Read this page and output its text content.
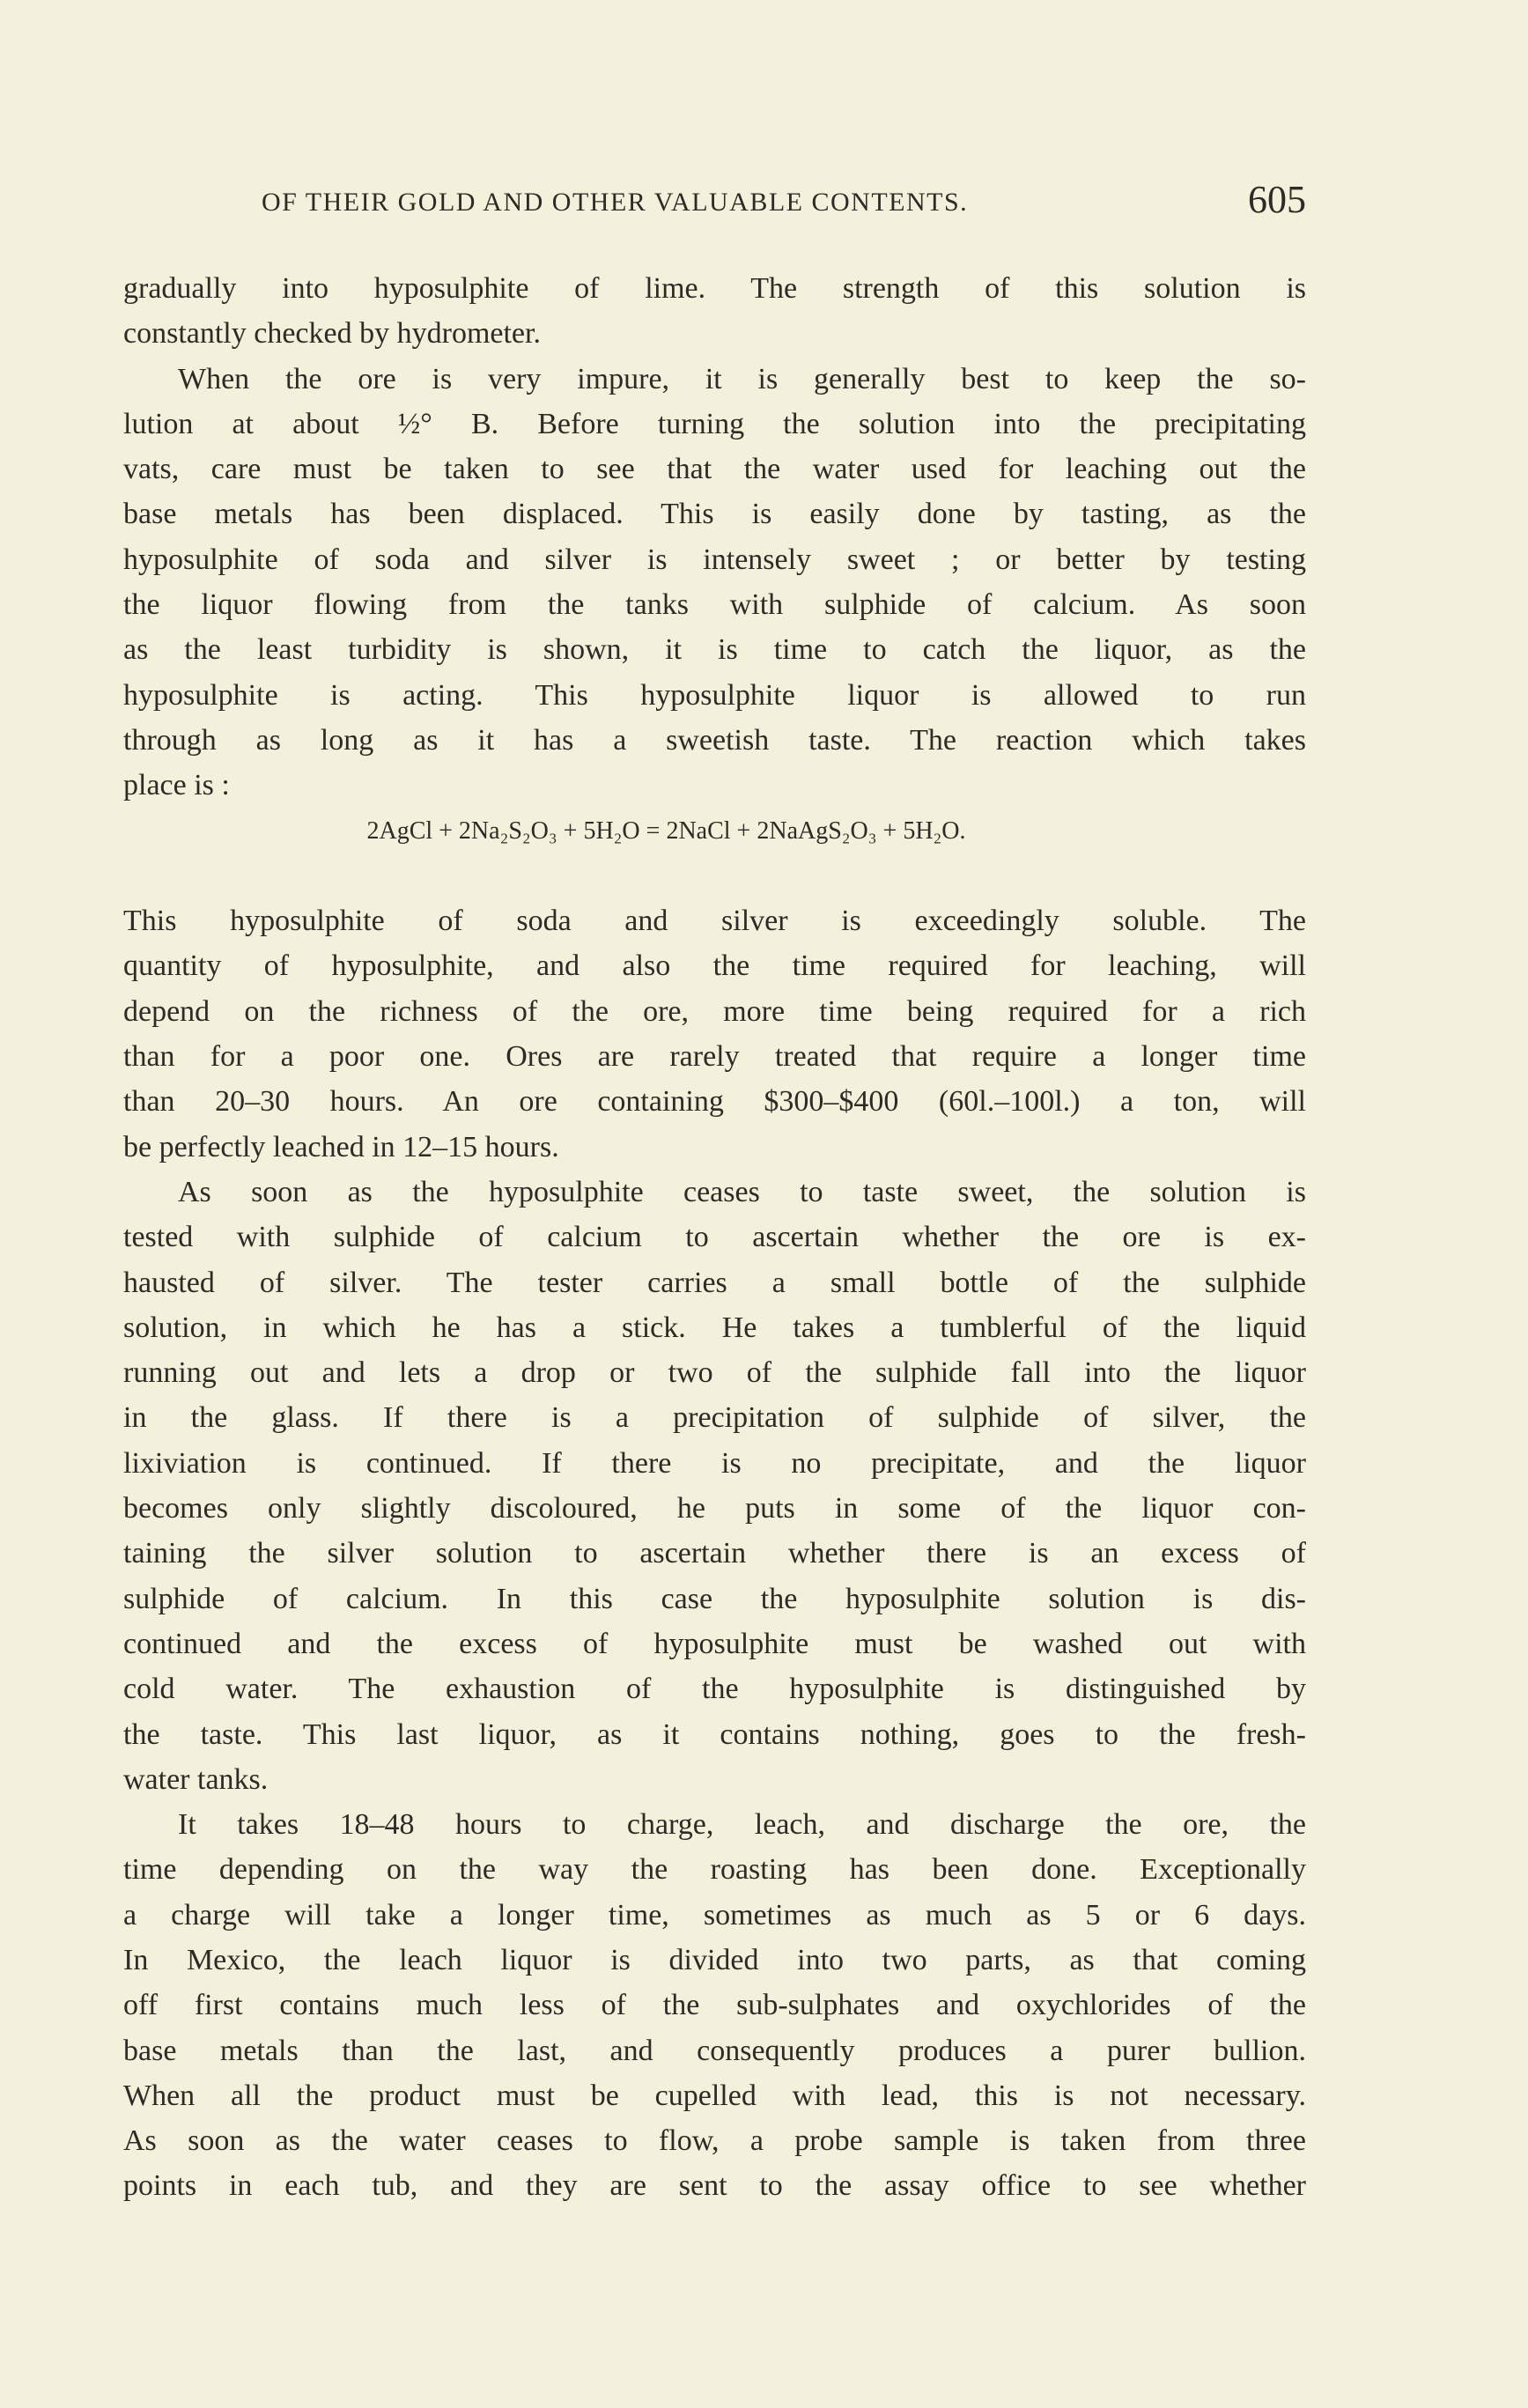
OF THEIR GOLD AND OTHER VALUABLE CONTENTS.	605
gradually into hyposulphite of lime. The strength of this solution is
constantly checked by hydrometer.
When the ore is very impure, it is generally best to keep the so-
lution at about ½° B. Before turning the solution into the precipitating
vats, care must be taken to see that the water used for leaching out the
base metals has been displaced. This is easily done by tasting, as the
hyposulphite of soda and silver is intensely sweet ; or better by testing
the liquor flowing from the tanks with sulphide of calcium. As soon
as the least turbidity is shown, it is time to catch the liquor, as the
hyposulphite is acting. This hyposulphite liquor is allowed to run
through as long as it has a sweetish taste. The reaction which takes
place is :
2AgCl + 2Na₂S₂O₃ + 5H₂O = 2NaCl + 2NaAgS₂O₃ + 5H₂O.
This hyposulphite of soda and silver is exceedingly soluble. The
quantity of hyposulphite, and also the time required for leaching, will
depend on the richness of the ore, more time being required for a rich
than for a poor one. Ores are rarely treated that require a longer time
than 20–30 hours. An ore containing $300–$400 (60l.–100l.) a ton, will
be perfectly leached in 12–15 hours.
As soon as the hyposulphite ceases to taste sweet, the solution is
tested with sulphide of calcium to ascertain whether the ore is ex-
hausted of silver. The tester carries a small bottle of the sulphide
solution, in which he has a stick. He takes a tumblerful of the liquid
running out and lets a drop or two of the sulphide fall into the liquor
in the glass. If there is a precipitation of sulphide of silver, the
lixiviation is continued. If there is no precipitate, and the liquor
becomes only slightly discoloured, he puts in some of the liquor con-
taining the silver solution to ascertain whether there is an excess of
sulphide of calcium. In this case the hyposulphite solution is dis-
continued and the excess of hyposulphite must be washed out with
cold water. The exhaustion of the hyposulphite is distinguished by
the taste. This last liquor, as it contains nothing, goes to the fresh-
water tanks.
It takes 18–48 hours to charge, leach, and discharge the ore, the
time depending on the way the roasting has been done. Exceptionally
a charge will take a longer time, sometimes as much as 5 or 6 days.
In Mexico, the leach liquor is divided into two parts, as that coming
off first contains much less of the sub-sulphates and oxychlorides of the
base metals than the last, and consequently produces a purer bullion.
When all the product must be cupelled with lead, this is not necessary.
As soon as the water ceases to flow, a probe sample is taken from three
points in each tub, and they are sent to the assay office to see whether
